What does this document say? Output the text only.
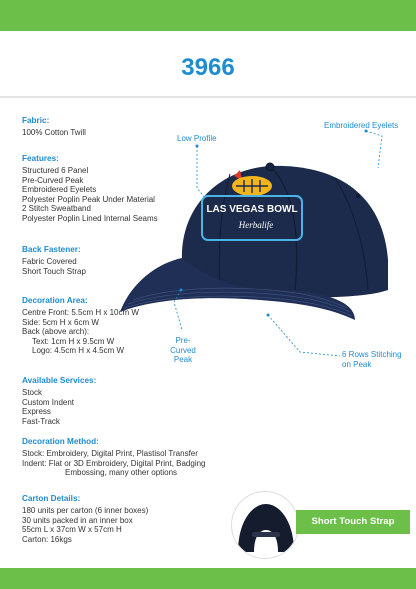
3966
Fabric:
100% Cotton Twill
Features:
Structured 6 Panel
Pre-Curved Peak
Embroidered Eyelets
Polyester Poplin Peak Under Material
2 Stitch Sweatband
Polyester Poplin Lined Internal Seams
Back Fastener:
Fabric Covered
Short Touch Strap
Decoration Area:
Centre Front: 5.5cm H x 10cm W
Side: 5cm H x 6cm W
Back (above arch):
Text: 1cm H x 9.5cm W
Logo: 4.5cm H x 4.5cm W
Available Services:
Stock
Custom Indent
Express
Fast-Track
Decoration Method:
Stock: Embroidery, Digital Print, Plastisol Transfer
Indent: Flat or 3D Embroidery, Digital Print, Badging
Embossing, many other options
Carton Details:
180 units per carton (6 inner boxes)
30 units packed in an inner box
55cm L x 37cm W x 57cm H
Carton: 16kgs
LAS VEGAS BOWL
Herbalife
Low Profile
Embroidered Eyelets
Pre-Curved
Peak
6 Rows Stitching
on Peak
Short Touch Strap
